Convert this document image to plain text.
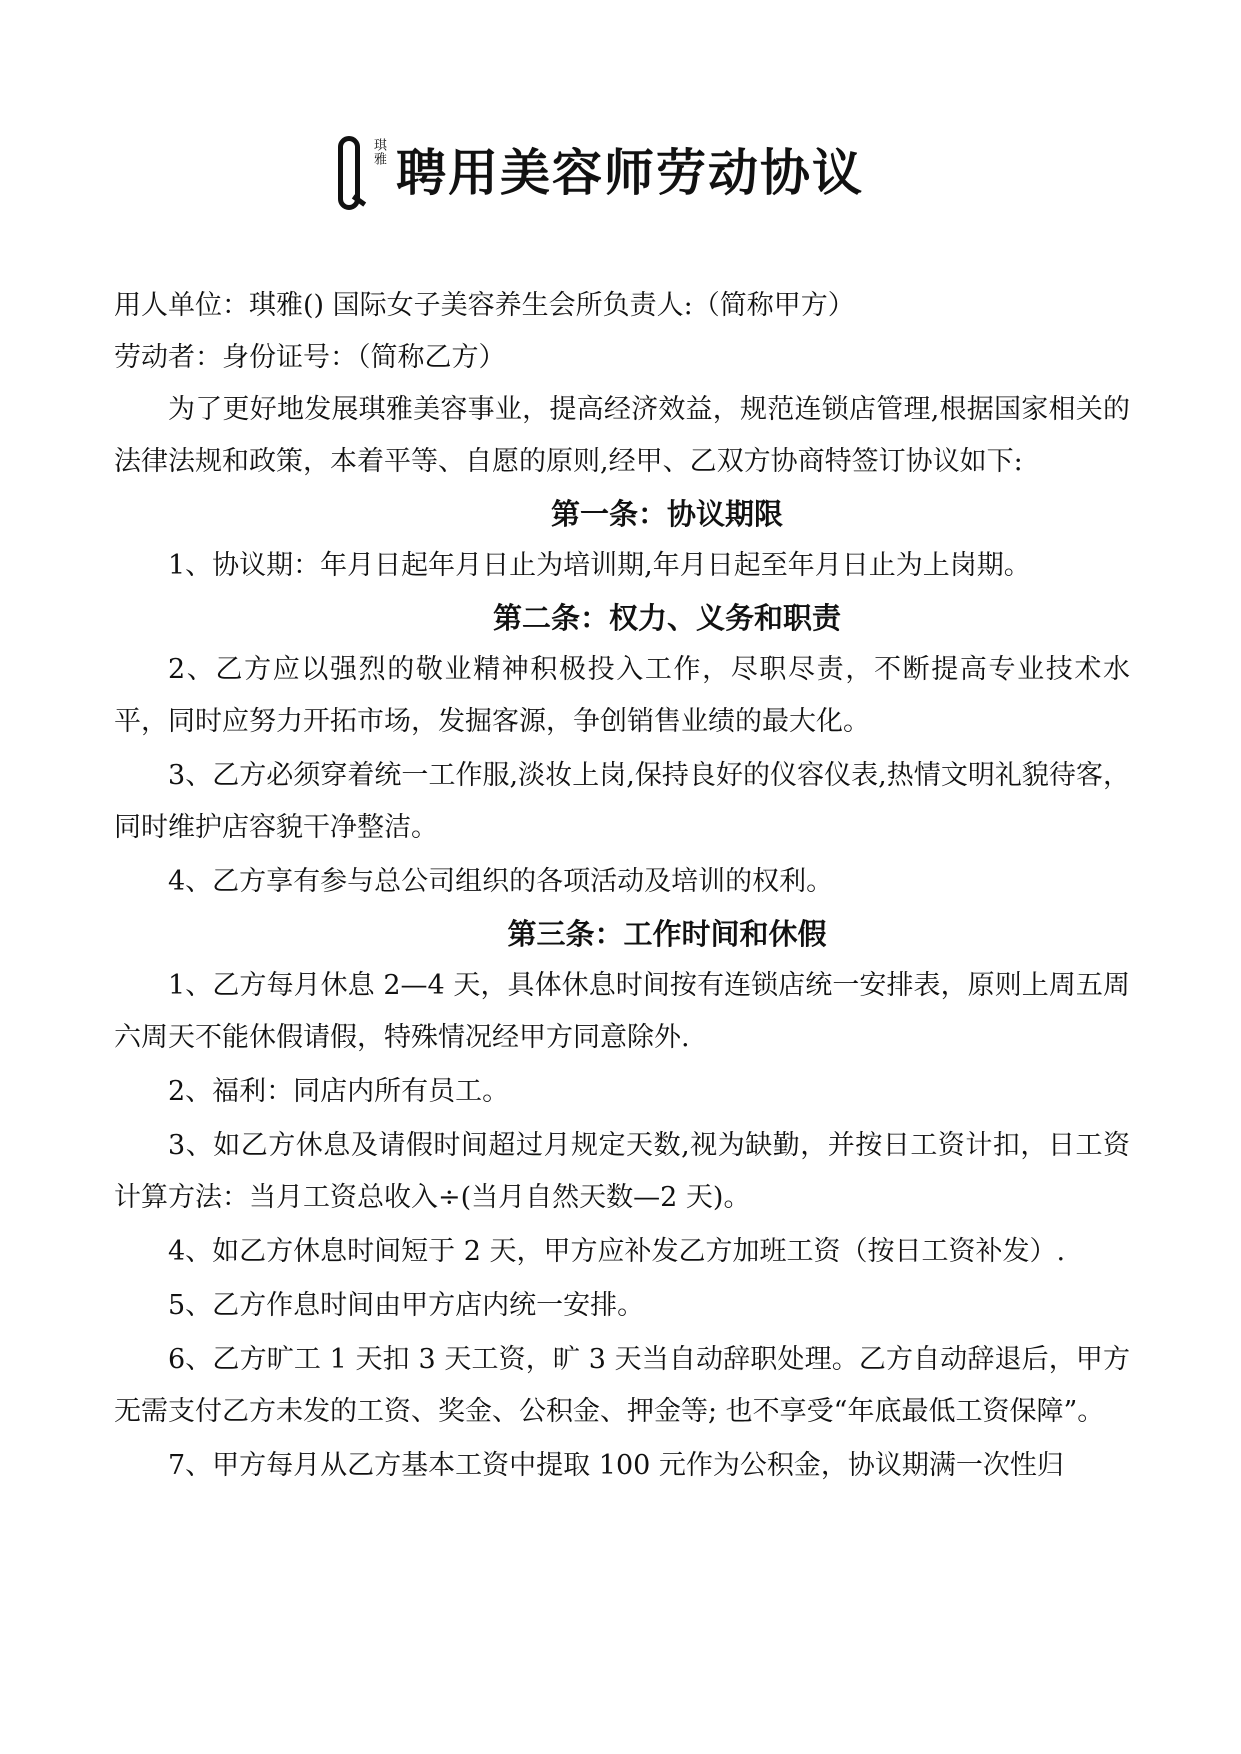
琪雅 聘用美容师劳动协议
用人单位：琪雅() 国际女子美容养生会所负责人:（简称甲方）
劳动者：身份证号：（简称乙方）

为了更好地发展琪雅美容事业，提高经济效益，规范连锁店管理,根据国家相关的法律法规和政策，本着平等、自愿的原则,经甲、乙双方协商特签订协议如下:

第一条：协议期限

1、协议期：年月日起年月日止为培训期,年月日起至年月日止为上岗期。

第二条：权力、义务和职责

2、乙方应以强烈的敬业精神积极投入工作，尽职尽责，不断提高专业技术水平，同时应努力开拓市场，发掘客源，争创销售业绩的最大化。

3、乙方必须穿着统一工作服,淡妆上岗,保持良好的仪容仪表,热情文明礼貌待客，同时维护店容貌干净整洁。

4、乙方享有参与总公司组织的各项活动及培训的权利。

第三条：工作时间和休假

1、乙方每月休息 2—4 天，具体休息时间按有连锁店统一安排表，原则上周五周六周天不能休假请假，特殊情况经甲方同意除外.

2、福利：同店内所有员工。

3、如乙方休息及请假时间超过月规定天数,视为缺勤，并按日工资计扣，日工资计算方法：当月工资总收入÷(当月自然天数—2 天)。

4、如乙方休息时间短于 2 天，甲方应补发乙方加班工资（按日工资补发）.

5、乙方作息时间由甲方店内统一安排。

6、乙方旷工 1 天扣 3 天工资，旷 3 天当自动辞职处理。乙方自动辞退后，甲方无需支付乙方未发的工资、奖金、公积金、押金等; 也不享受“年底最低工资保障”。

7、甲方每月从乙方基本工资中提取 100 元作为公积金，协议期满一次性归
